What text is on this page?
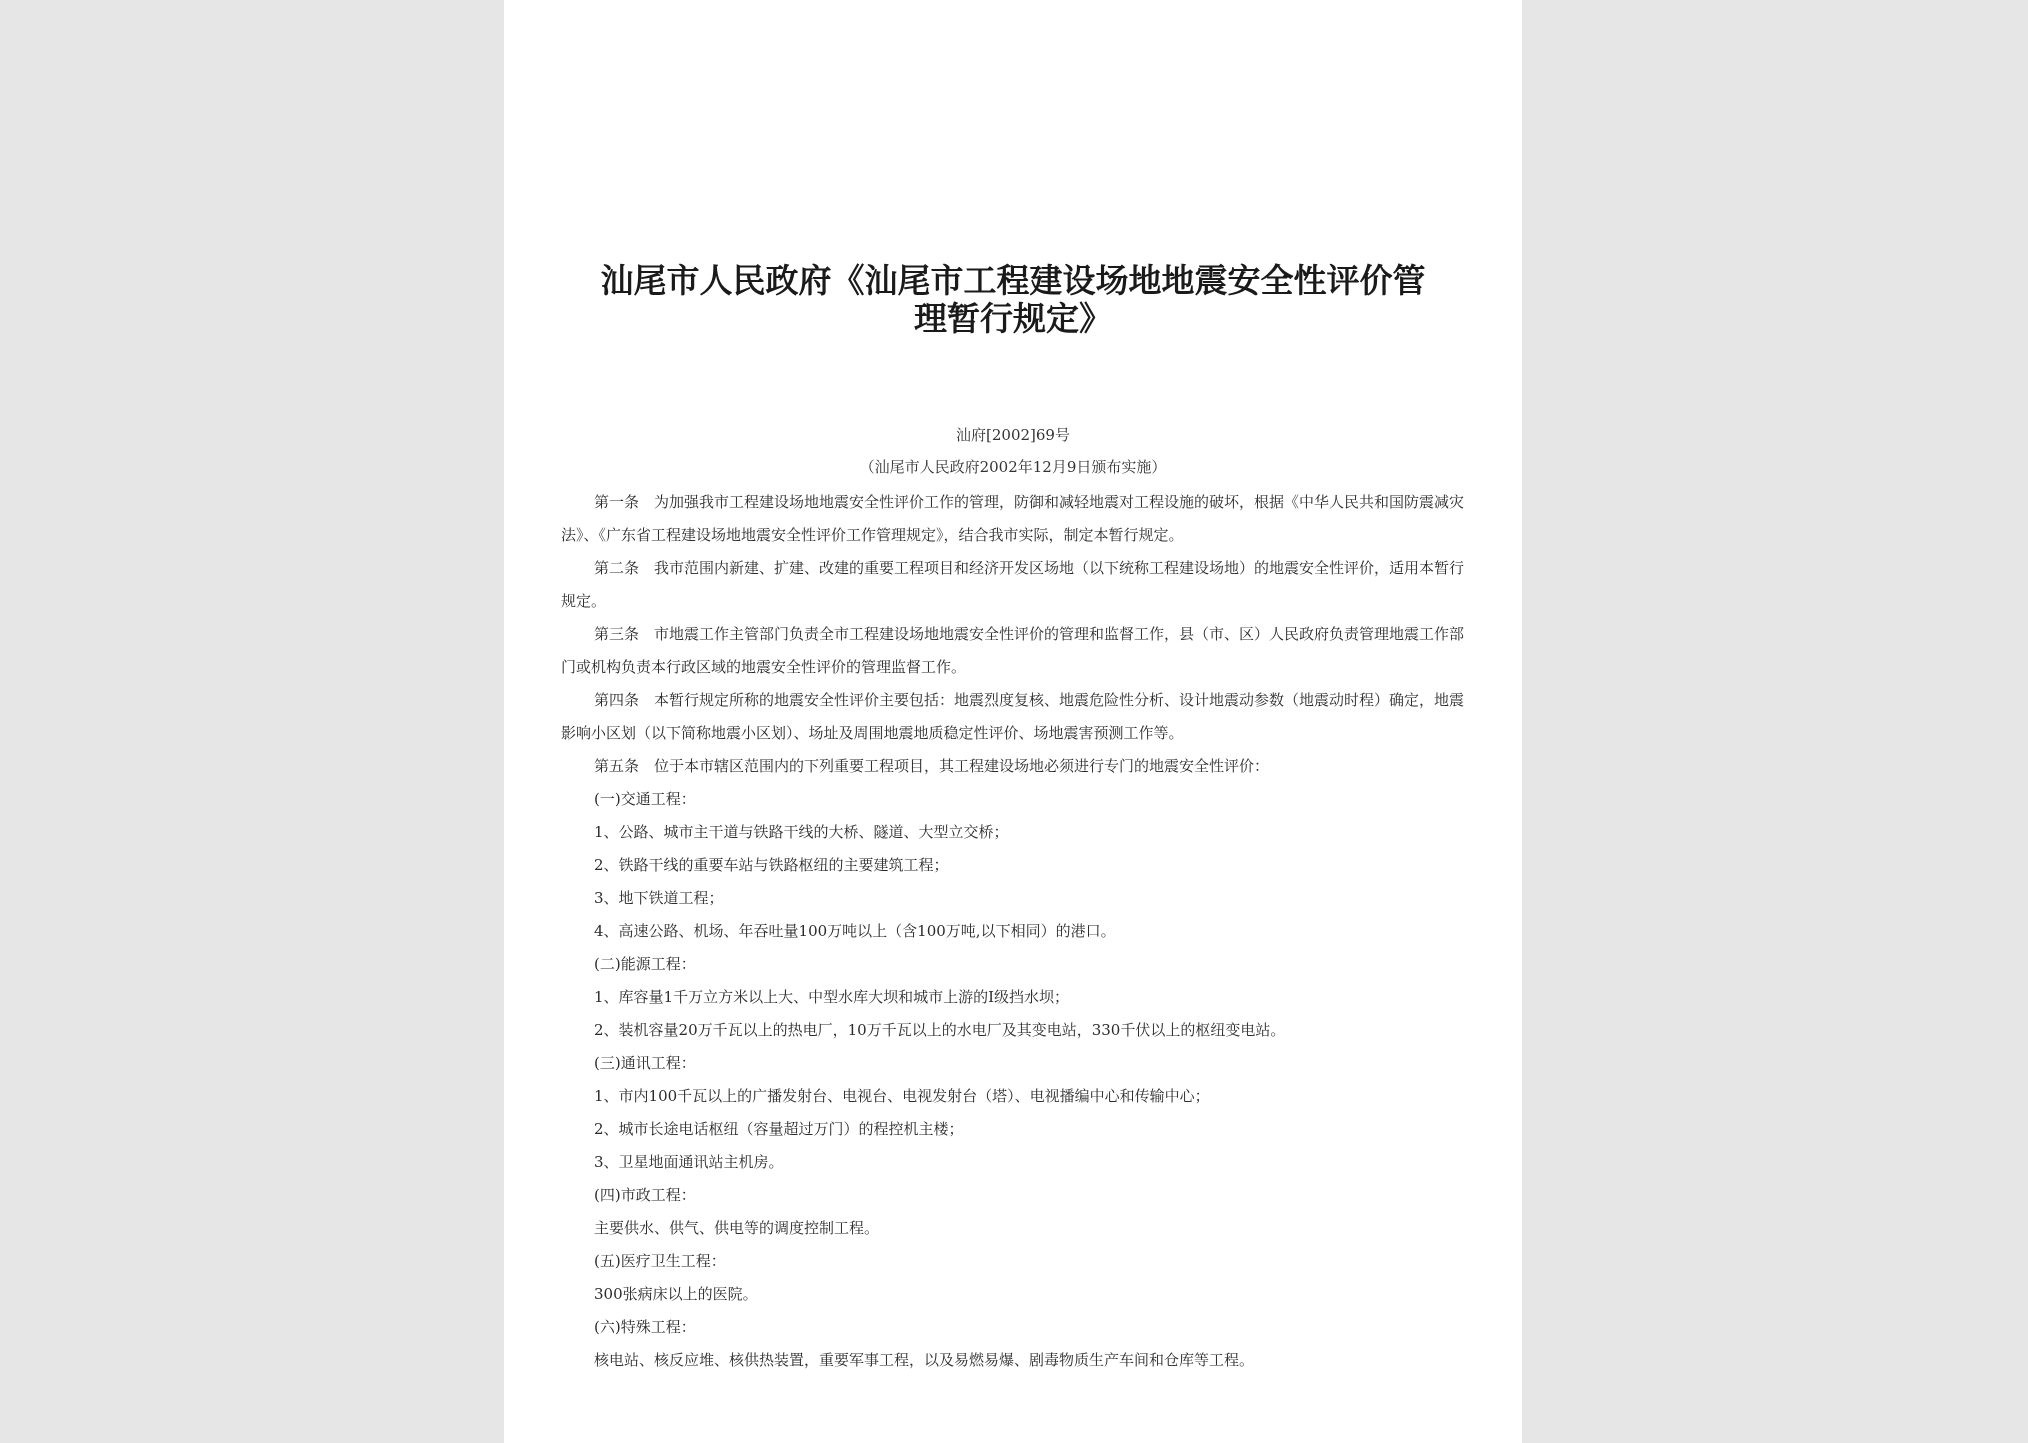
汕尾市人民政府《汕尾市工程建设场地地震安全性评价管理暂行规定》
汕府[2002]69号
（汕尾市人民政府2002年12月9日颁布实施）

第一条　为加强我市工程建设场地地震安全性评价工作的管理，防御和减轻地震对工程设施的破坏，根据《中华人民共和国防震减灾法》、《广东省工程建设场地地震安全性评价工作管理规定》，结合我市实际，制定本暂行规定。

第二条　我市范围内新建、扩建、改建的重要工程项目和经济开发区场地（以下统称工程建设场地）的地震安全性评价，适用本暂行规定。

第三条　市地震工作主管部门负责全市工程建设场地地震安全性评价的管理和监督工作，县（市、区）人民政府负责管理地震工作部门或机构负责本行政区域的地震安全性评价的管理监督工作。

第四条　本暂行规定所称的地震安全性评价主要包括：地震烈度复核、地震危险性分析、设计地震动参数（地震动时程）确定，地震影响小区划（以下简称地震小区划）、场址及周围地震地质稳定性评价、场地震害预测工作等。

第五条　位于本市辖区范围内的下列重要工程项目，其工程建设场地必须进行专门的地震安全性评价：

(一)交通工程：

1、公路、城市主干道与铁路干线的大桥、隧道、大型立交桥；

2、铁路干线的重要车站与铁路枢纽的主要建筑工程；

3、地下铁道工程；

4、高速公路、机场、年吞吐量100万吨以上（含100万吨,以下相同）的港口。

(二)能源工程：

1、库容量1千万立方米以上大、中型水库大坝和城市上游的Ⅰ级挡水坝；

2、装机容量20万千瓦以上的热电厂，10万千瓦以上的水电厂及其变电站，330千伏以上的枢纽变电站。

(三)通讯工程：

1、市内100千瓦以上的广播发射台、电视台、电视发射台（塔）、电视播编中心和传输中心；

2、城市长途电话枢纽（容量超过万门）的程控机主楼；

3、卫星地面通讯站主机房。

(四)市政工程：

主要供水、供气、供电等的调度控制工程。

(五)医疗卫生工程：

300张病床以上的医院。

(六)特殊工程：

核电站、核反应堆、核供热装置，重要军事工程，以及易燃易爆、剧毒物质生产车间和仓库等工程。
